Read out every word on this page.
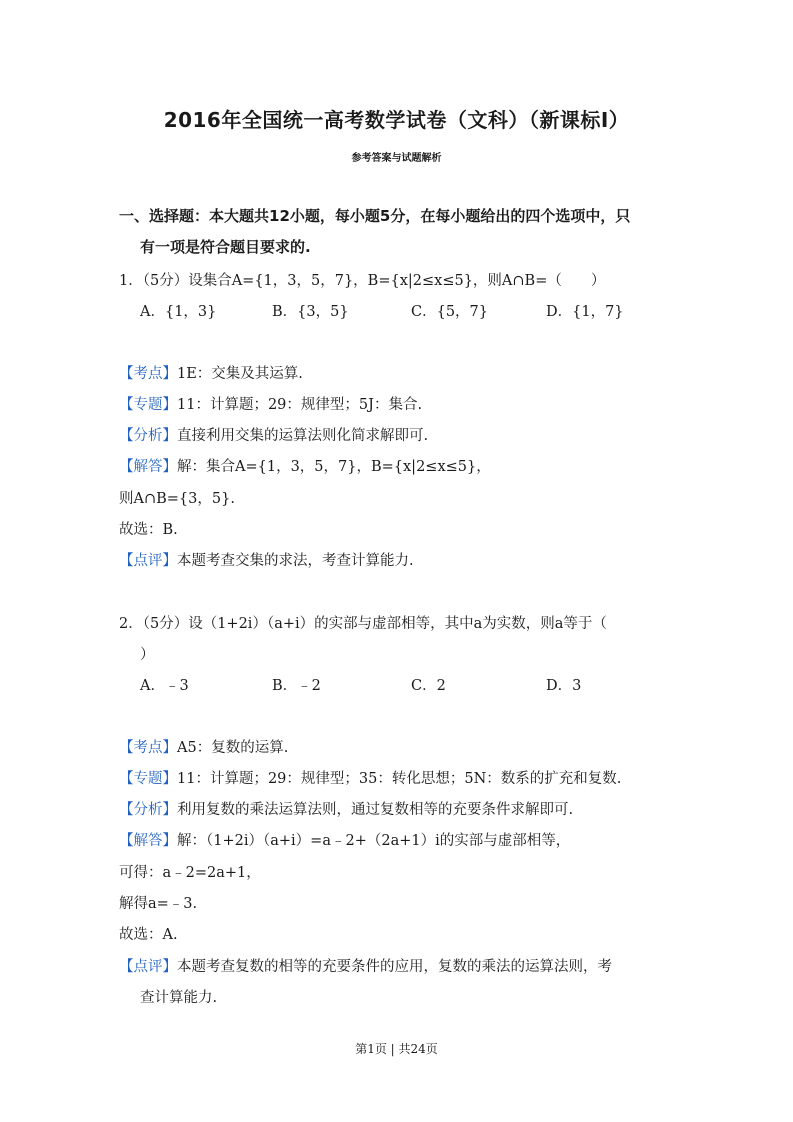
2016年全国统一高考数学试卷（文科）（新课标Ⅰ）
参考答案与试题解析
一、选择题：本大题共12小题，每小题5分，在每小题给出的四个选项中，只
有一项是符合题目要求的.
1．（5分）设集合A={1，3，5，7}，B={x|2≤x≤5}，则A∩B=（　　）
A．{1，3}	B．{3，5}	C．{5，7}	D．{1，7}
【考点】1E：交集及其运算.
【专题】11：计算题；29：规律型；5J：集合.
【分析】直接利用交集的运算法则化简求解即可.
【解答】解：集合A={1，3，5，7}，B={x|2≤x≤5}，
则A∩B={3，5}.
故选：B.
【点评】本题考查交集的求法，考查计算能力.
2．（5分）设（1+2i）（a+i）的实部与虚部相等，其中a为实数，则a等于（
）
A．﹣3	B．﹣2	C．2	D．3
【考点】A5：复数的运算.
【专题】11：计算题；29：规律型；35：转化思想；5N：数系的扩充和复数.
【分析】利用复数的乘法运算法则，通过复数相等的充要条件求解即可.
【解答】解：（1+2i）（a+i）=a﹣2+（2a+1）i的实部与虚部相等，
可得：a﹣2=2a+1，
解得a=﹣3.
故选：A.
【点评】本题考查复数的相等的充要条件的应用，复数的乘法的运算法则，考
查计算能力.
第1页 | 共24页
